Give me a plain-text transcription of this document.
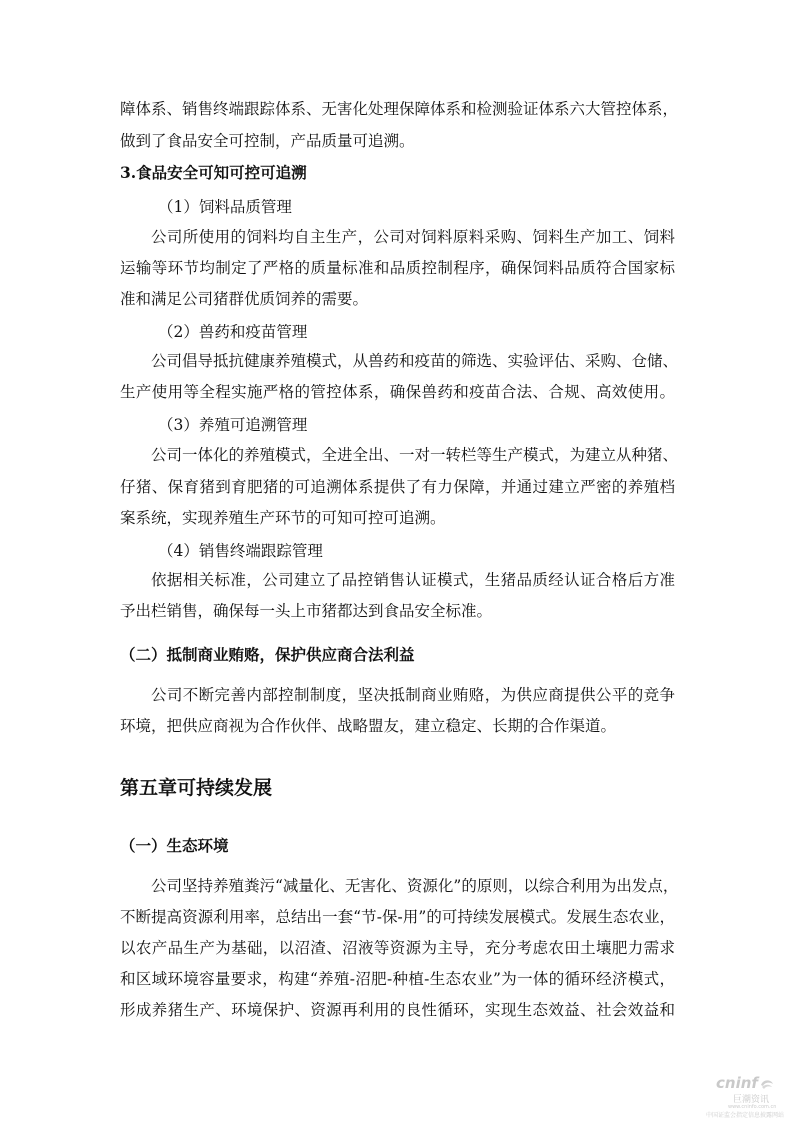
障体系、销售终端跟踪体系、无害化处理保障体系和检测验证体系六大管控体系，
做到了食品安全可控制，产品质量可追溯。
3.食品安全可知可控可追溯
（1）饲料品质管理
公司所使用的饲料均自主生产，公司对饲料原料采购、饲料生产加工、饲料
运输等环节均制定了严格的质量标准和品质控制程序，确保饲料品质符合国家标
准和满足公司猪群优质饲养的需要。
（2）兽药和疫苗管理
公司倡导抵抗健康养殖模式，从兽药和疫苗的筛选、实验评估、采购、仓储、
生产使用等全程实施严格的管控体系，确保兽药和疫苗合法、合规、高效使用。
（3）养殖可追溯管理
公司一体化的养殖模式，全进全出、一对一转栏等生产模式，为建立从种猪、
仔猪、保育猪到育肥猪的可追溯体系提供了有力保障，并通过建立严密的养殖档
案系统，实现养殖生产环节的可知可控可追溯。
（4）销售终端跟踪管理
依据相关标准，公司建立了品控销售认证模式，生猪品质经认证合格后方准
予出栏销售，确保每一头上市猪都达到食品安全标准。
（二）抵制商业贿赂，保护供应商合法利益
公司不断完善内部控制制度，坚决抵制商业贿赂，为供应商提供公平的竞争
环境，把供应商视为合作伙伴、战略盟友，建立稳定、长期的合作渠道。
第五章可持续发展
（一）生态环境
公司坚持养殖粪污“减量化、无害化、资源化”的原则，以综合利用为出发点，
不断提高资源利用率，总结出一套“节-保-用”的可持续发展模式。发展生态农业，
以农产品生产为基础，以沼渣、沼液等资源为主导，充分考虑农田土壤肥力需求
和区域环境容量要求，构建“养殖-沼肥-种植-生态农业”为一体的循环经济模式，
形成养猪生产、环境保护、资源再利用的良性循环，实现生态效益、社会效益和
cninf
巨潮资讯
www.cninfo.com.cn
中国证监会指定信息披露网站
